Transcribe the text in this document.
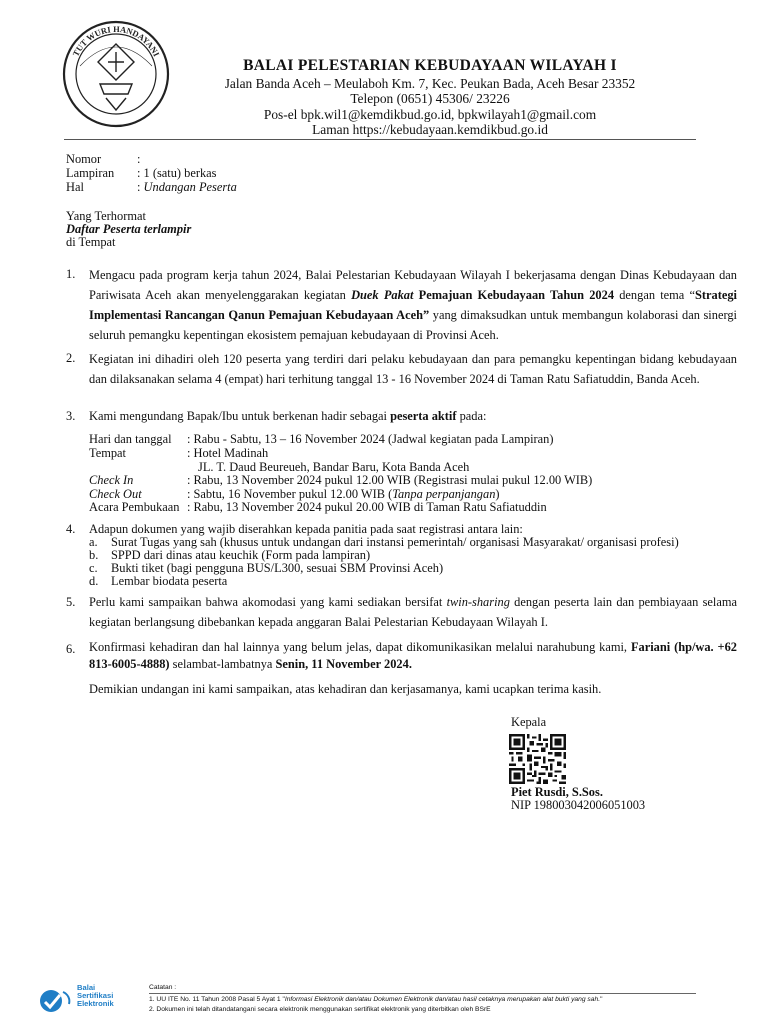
TUT WURI HANDAYANI
BALAI PELESTARIAN KEBUDAYAAN WILAYAH I
Jalan Banda Aceh – Meulaboh Km. 7, Kec. Peukan Bada, Aceh Besar 23352
Telepon (0651) 45306/ 23226
Pos-el bpk.wil1@kemdikbud.go.id, bpkwilayah1@gmail.com
Laman https://kebudayaan.kemdikbud.go.id
Nomor	:
Lampiran : 1 (satu) berkas
Hal	: Undangan Peserta
Yang Terhormat
Daftar Peserta terlampir
di Tempat
1. Mengacu pada program kerja tahun 2024, Balai Pelestarian Kebudayaan Wilayah I bekerjasama dengan Dinas Kebudayaan dan Pariwisata Aceh akan menyelenggarakan kegiatan Duek Pakat Pemajuan Kebudayaan Tahun 2024 dengan tema “Strategi Implementasi Rancangan Qanun Pemajuan Kebudayaan Aceh” yang dimaksudkan untuk membangun kolaborasi dan sinergi seluruh pemangku kepentingan ekosistem pemajuan kebudayaan di Provinsi Aceh.
2. Kegiatan ini dihadiri oleh 120 peserta yang terdiri dari pelaku kebudayaan dan para pemangku kepentingan bidang kebudayaan dan dilaksanakan selama 4 (empat) hari terhitung tanggal 13 - 16 November 2024 di Taman Ratu Safiatuddin, Banda Aceh.
3. Kami mengundang Bapak/Ibu untuk berkenan hadir sebagai peserta aktif pada:
Hari dan tanggal : Rabu - Sabtu, 13 – 16 November 2024 (Jadwal kegiatan pada Lampiran)
Tempat	: Hotel Madinah
JL. T. Daud Beureueh, Bandar Baru, Kota Banda Aceh
Check In	: Rabu, 13 November 2024 pukul 12.00 WIB (Registrasi mulai pukul 12.00 WIB)
Check Out	: Sabtu, 16 November pukul 12.00 WIB (Tanpa perpanjangan)
Acara Pembukaan : Rabu, 13 November 2024 pukul 20.00 WIB di Taman Ratu Safiatuddin
4. Adapun dokumen yang wajib diserahkan kepada panitia pada saat registrasi antara lain:
a. Surat Tugas yang sah (khusus untuk undangan dari instansi pemerintah/ organisasi Masyarakat/ organisasi profesi)
b. SPPD dari dinas atau keuchik (Form pada lampiran)
c. Bukti tiket (bagi pengguna BUS/L300, sesuai SBM Provinsi Aceh)
d. Lembar biodata peserta
5. Perlu kami sampaikan bahwa akomodasi yang kami sediakan bersifat twin-sharing dengan peserta lain dan pembiayaan selama kegiatan berlangsung dibebankan kepada anggaran Balai Pelestarian Kebudayaan Wilayah I.
6. Konfirmasi kehadiran dan hal lainnya yang belum jelas, dapat dikomunikasikan melalui narahubung kami, Fariani (hp/wa. +62 813-6005-4888) selambat-lambatnya Senin, 11 November 2024.
Demikian undangan ini kami sampaikan, atas kehadiran dan kerjasamanya, kami ucapkan terima kasih.
Kepala
Piet Rusdi, S.Sos.
NIP 198003042006051003
Balai
Sertifikasi
Elektronik
Catatan :
1. UU ITE No. 11 Tahun 2008 Pasal 5 Ayat 1 "Informasi Elektronik dan/atau Dokumen Elektronik dan/atau hasil cetaknya merupakan alat bukti yang sah."
2. Dokumen ini telah ditandatangani secara elektronik menggunakan sertifikat elektronik yang diterbitkan oleh BSrE
